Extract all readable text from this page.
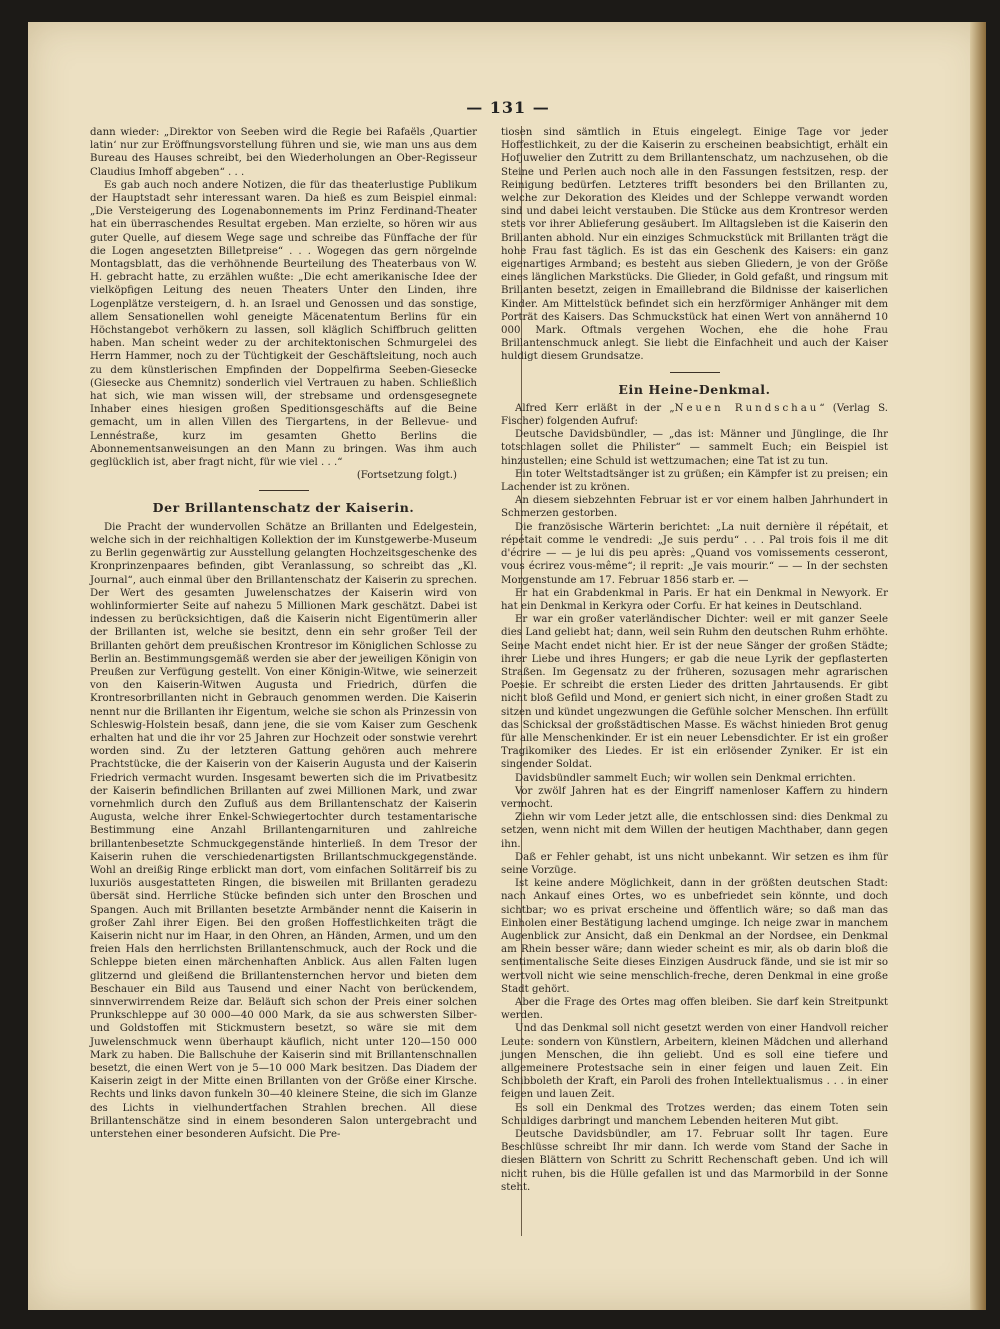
— 131 —

dann wieder: „Direktor von Seeben wird die Regie bei Rafaëls ‚Quartier latin‘ nur zur Eröffnungsvorstellung führen und sie, wie man uns aus dem Bureau des Hauses schreibt, bei den Wiederholungen an Ober-Regisseur Claudius Imhoff abgeben“ . . .

Es gab auch noch andere Notizen, die für das theaterlustige Publikum der Hauptstadt sehr interessant waren. Da hieß es zum Beispiel einmal: „Die Versteigerung des Logenabonnements im Prinz Ferdinand-Theater hat ein überraschendes Resultat ergeben. Man erzielte, so hören wir aus guter Quelle, auf diesem Wege sage und schreibe das Fünffache der für die Logen angesetzten Billetpreise“ . . . Wogegen das gern nörgelnde Montagsblatt, das die verhöhnende Beurteilung des Theaterbaus von W. H. gebracht hatte, zu erzählen wußte: „Die echt amerikanische Idee der vielköpfigen Leitung des neuen Theaters Unter den Linden, ihre Logenplätze versteigern, d. h. an Israel und Genossen und das sonstige, allem Sensationellen wohl geneigte Mäcenatentum Berlins für ein Höchstangebot verhökern zu lassen, soll kläglich Schiffbruch gelitten haben. Man scheint weder zu der architektonischen Schmurgelei des Herrn Hammer, noch zu der Tüchtigkeit der Geschäftsleitung, noch auch zu dem künstlerischen Empfinden der Doppelfirma Seeben-Giesecke (Giesecke aus Chemnitz) sonderlich viel Vertrauen zu haben. Schließlich hat sich, wie man wissen will, der strebsame und ordensgesegnete Inhaber eines hiesigen großen Speditionsgeschäfts auf die Beine gemacht, um in allen Villen des Tiergartens, in der Bellevue- und Lennéstraße, kurz im gesamten Ghetto Berlins die Abonnementsanweisungen an den Mann zu bringen. Was ihm auch geglücklich ist, aber fragt nicht, für wie viel . . .“

(Fortsetzung folgt.)
Der Brillantenschatz der Kaiserin.

Die Pracht der wundervollen Schätze an Brillanten und Edelgestein, welche sich in der reichhaltigen Kollektion der im Kunstgewerbe-Museum zu Berlin gegenwärtig zur Ausstellung gelangten Hochzeitsgeschenke des Kronprinzenpaares befinden, gibt Veranlassung, so schreibt das „Kl. Journal“, auch einmal über den Brillantenschatz der Kaiserin zu sprechen. Der Wert des gesamten Juwelenschatzes der Kaiserin wird von wohlinformierter Seite auf nahezu 5 Millionen Mark geschätzt. Dabei ist indessen zu berücksichtigen, daß die Kaiserin nicht Eigentümerin aller der Brillanten ist, welche sie besitzt, denn ein sehr großer Teil der Brillanten gehört dem preußischen Krontresor im Königlichen Schlosse zu Berlin an. Bestimmungsgemäß werden sie aber der jeweiligen Königin von Preußen zur Verfügung gestellt. Von einer Königin-Witwe, wie seinerzeit von den Kaiserin-Witwen Augusta und Friedrich, dürfen die Krontresorbrillanten nicht in Gebrauch genommen werden. Die Kaiserin nennt nur die Brillanten ihr Eigentum, welche sie schon als Prinzessin von Schleswig-Holstein besaß, dann jene, die sie vom Kaiser zum Geschenk erhalten hat und die ihr vor 25 Jahren zur Hochzeit oder sonstwie verehrt worden sind. Zu der letzteren Gattung gehören auch mehrere Prachtstücke, die der Kaiserin von der Kaiserin Augusta und der Kaiserin Friedrich vermacht wurden. Insgesamt bewerten sich die im Privatbesitz der Kaiserin befindlichen Brillanten auf zwei Millionen Mark, und zwar vornehmlich durch den Zufluß aus dem Brillantenschatz der Kaiserin Augusta, welche ihrer Enkel-Schwiegertochter durch testamentarische Bestimmung eine Anzahl Brillantengarnituren und zahlreiche brillantenbesetzte Schmuckgegenstände hinterließ. In dem Tresor der Kaiserin ruhen die verschiedenartigsten Brillantschmuckgegenstände. Wohl an dreißig Ringe erblickt man dort, vom einfachen Solitärreif bis zu luxuriös ausgestatteten Ringen, die bisweilen mit Brillanten geradezu übersät sind. Herrliche Stücke befinden sich unter den Broschen und Spangen. Auch mit Brillanten besetzte Armbänder nennt die Kaiserin in großer Zahl ihrer Eigen. Bei den großen Hoffestlichkeiten trägt die Kaiserin nicht nur im Haar, in den Ohren, an Händen, Armen, und um den freien Hals den herrlichsten Brillantenschmuck, auch der Rock und die Schleppe bieten einen märchenhaften Anblick. Aus allen Falten lugen glitzernd und gleißend die Brillantensternchen hervor und bieten dem Beschauer ein Bild aus Tausend und einer Nacht von berückendem, sinnverwirrendem Reize dar. Beläuft sich schon der Preis einer solchen Prunkschleppe auf 30 000—40 000 Mark, da sie aus schwersten Silber- und Goldstoffen mit Stickmustern besetzt, so wäre sie mit dem Juwelenschmuck wenn überhaupt käuflich, nicht unter 120—150 000 Mark zu haben. Die Ballschuhe der Kaiserin sind mit Brillantenschnallen besetzt, die einen Wert von je 5—10 000 Mark besitzen. Das Diadem der Kaiserin zeigt in der Mitte einen Brillanten von der Größe einer Kirsche. Rechts und links davon funkeln 30—40 kleinere Steine, die sich im Glanze des Lichts in vielhundertfachen Strahlen brechen. All diese Brillantenschätze sind in einem besonderen Salon untergebracht und unterstehen einer besonderen Aufsicht. Die Pre-

tiosen sind sämtlich in Etuis eingelegt. Einige Tage vor jeder Hoffestlichkeit, zu der die Kaiserin zu erscheinen beabsichtigt, erhält ein Hofjuwelier den Zutritt zu dem Brillantenschatz, um nachzusehen, ob die Steine und Perlen auch noch alle in den Fassungen festsitzen, resp. der Reinigung bedürfen. Letzteres trifft besonders bei den Brillanten zu, welche zur Dekoration des Kleides und der Schleppe verwandt worden sind und dabei leicht verstauben. Die Stücke aus dem Krontresor werden stets vor ihrer Ablieferung gesäubert. Im Alltagsleben ist die Kaiserin den Brillanten abhold. Nur ein einziges Schmuckstück mit Brillanten trägt die hohe Frau fast täglich. Es ist das ein Geschenk des Kaisers: ein ganz eigenartiges Armband; es besteht aus sieben Gliedern, je von der Größe eines länglichen Markstücks. Die Glieder, in Gold gefaßt, und ringsum mit Brillanten besetzt, zeigen in Emaillebrand die Bildnisse der kaiserlichen Kinder. Am Mittelstück befindet sich ein herzförmiger Anhänger mit dem Porträt des Kaisers. Das Schmuckstück hat einen Wert von annähernd 10 000 Mark. Oftmals vergehen Wochen, ehe die hohe Frau Brillantenschmuck anlegt. Sie liebt die Einfachheit und auch der Kaiser huldigt diesem Grundsatze.

Ein Heine-Denkmal.

Alfred Kerr erläßt in der „Neuen Rundschau“ (Verlag S. Fischer) folgenden Aufruf:

Deutsche Davidsbündler, — „das ist: Männer und Jünglinge, die Ihr totschlagen sollet die Philister“ — sammelt Euch; ein Beispiel ist hinzustellen; eine Schuld ist wettzumachen; eine Tat ist zu tun.

Ein toter Weltstadtsänger ist zu grüßen; ein Kämpfer ist zu preisen; ein Lachender ist zu krönen.

An diesem siebzehnten Februar ist er vor einem halben Jahrhundert in Schmerzen gestorben.

Die französische Wärterin berichtet: „La nuit dernière il répétait, et répétait comme le vendredi: „Je suis perdu“ . . . Pal trois fois il me dit d'écrire — — je lui dis peu après: „Quand vos vomissements cesseront, vous écrirez vous-même“; il reprit: „Je vais mourir.“ — — In der sechsten Morgenstunde am 17. Februar 1856 starb er. —

Er hat ein Grabdenkmal in Paris. Er hat ein Denkmal in Newyork. Er hat ein Denkmal in Kerkyra oder Corfu. Er hat keines in Deutschland.

Er war ein großer vaterländischer Dichter: weil er mit ganzer Seele dies Land geliebt hat; dann, weil sein Ruhm den deutschen Ruhm erhöhte. Seine Macht endet nicht hier. Er ist der neue Sänger der großen Städte; ihrer Liebe und ihres Hungers; er gab die neue Lyrik der gepflasterten Straßen. Im Gegensatz zu der früheren, sozusagen mehr agrarischen Poesie. Er schreibt die ersten Lieder des dritten Jahrtausends. Er gibt nicht bloß Gefild und Mond, er geniert sich nicht, in einer großen Stadt zu sitzen und kündet ungezwungen die Gefühle solcher Menschen. Ihn erfüllt das Schicksal der großstädtischen Masse. Es wächst hinieden Brot genug für alle Menschenkinder. Er ist ein neuer Lebensdichter. Er ist ein großer Tragikomiker des Liedes. Er ist ein erlösender Zyniker. Er ist ein singender Soldat.

Davidsbündler sammelt Euch; wir wollen sein Denkmal errichten.

Vor zwölf Jahren hat es der Eingriff namenloser Kaffern zu hindern vermocht.

Ziehn wir vom Leder jetzt alle, die entschlossen sind: dies Denkmal zu setzen, wenn nicht mit dem Willen der heutigen Machthaber, dann gegen ihn.

Daß er Fehler gehabt, ist uns nicht unbekannt. Wir setzen es ihm für seine Vorzüge.

Ist keine andere Möglichkeit, dann in der größten deutschen Stadt: nach Ankauf eines Ortes, wo es unbefriedet sein könnte, und doch sichtbar; wo es privat erscheine und öffentlich wäre; so daß man das Einholen einer Bestätigung lachend umginge. Ich neige zwar in manchem Augenblick zur Ansicht, daß ein Denkmal an der Nordsee, ein Denkmal am Rhein besser wäre; dann wieder scheint es mir, als ob darin bloß die sentimentalische Seite dieses Einzigen Ausdruck fände, und sie ist mir so wertvoll nicht wie seine menschlich-freche, deren Denkmal in eine große Stadt gehört.

Aber die Frage des Ortes mag offen bleiben. Sie darf kein Streitpunkt werden.

Und das Denkmal soll nicht gesetzt werden von einer Handvoll reicher Leute: sondern von Künstlern, Arbeitern, kleinen Mädchen und allerhand jungen Menschen, die ihn geliebt. Und es soll eine tiefere und allgemeinere Protestsache sein in einer feigen und lauen Zeit. Ein Schibboleth der Kraft, ein Paroli des frohen Intellektualismus . . . in einer feigen und lauen Zeit.

Es soll ein Denkmal des Trotzes werden; das einem Toten sein Schuldiges darbringt und manchem Lebenden heiteren Mut gibt.

Deutsche Davidsbündler, am 17. Februar sollt Ihr tagen. Eure Beschlüsse schreibt Ihr mir dann. Ich werde vom Stand der Sache in diesen Blättern von Schritt zu Schritt Rechenschaft geben. Und ich will nicht ruhen, bis die Hülle gefallen ist und das Marmorbild in der Sonne steht.
